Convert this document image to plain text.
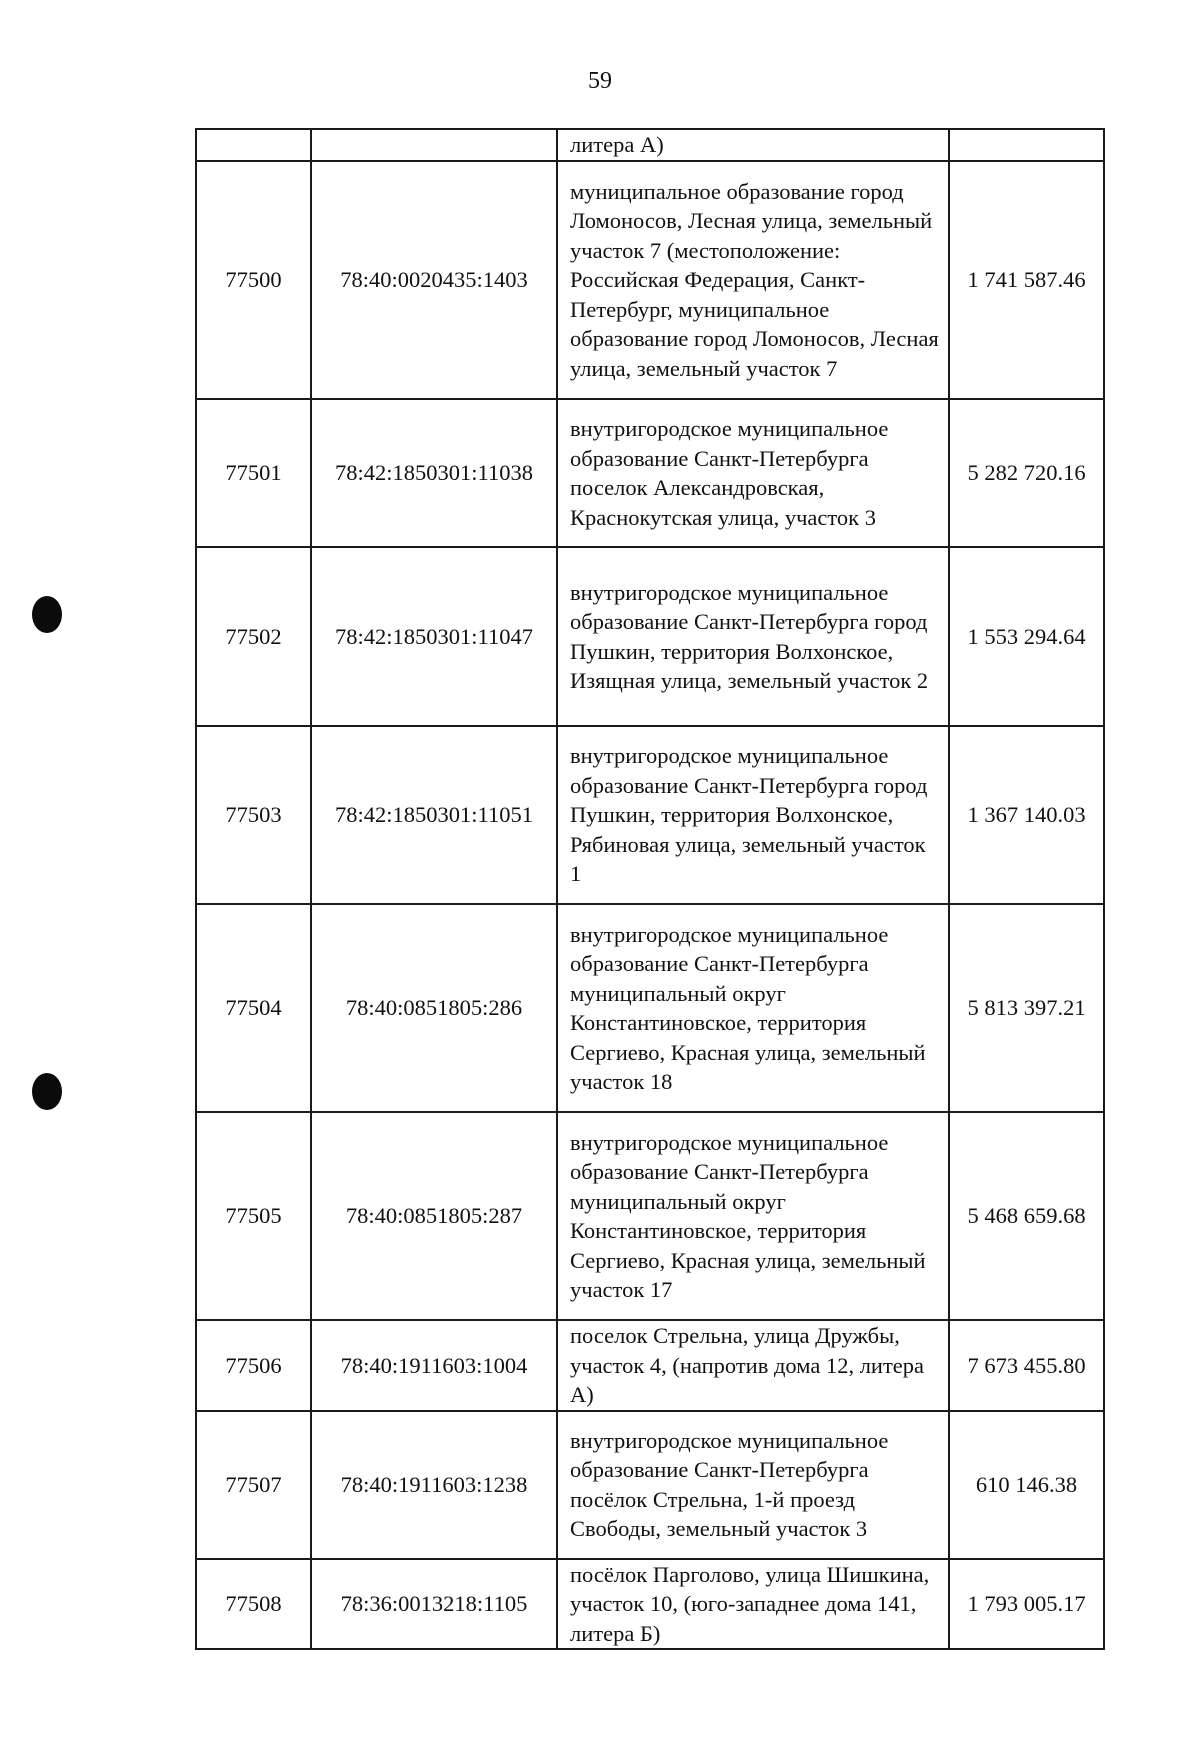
59
		литера А)	
77500	78:40:0020435:1403	муниципальное образование город Ломоносов, Лесная улица, земельный участок 7 (местоположение: Российская Федерация, Санкт-Петербург, муниципальное образование город Ломоносов, Лесная улица, земельный участок 7	1 741 587.46
77501	78:42:1850301:11038	внутригородское муниципальное образование Санкт-Петербурга поселок Александровская, Краснокутская улица, участок 3	5 282 720.16
77502	78:42:1850301:11047	внутригородское муниципальное образование Санкт-Петербурга город Пушкин, территория Волхонское, Изящная улица, земельный участок 2	1 553 294.64
77503	78:42:1850301:11051	внутригородское муниципальное образование Санкт-Петербурга город Пушкин, территория Волхонское, Рябиновая улица, земельный участок 1	1 367 140.03
77504	78:40:0851805:286	внутригородское муниципальное образование Санкт-Петербурга муниципальный округ Константиновское, территория Сергиево, Красная улица, земельный участок 18	5 813 397.21
77505	78:40:0851805:287	внутригородское муниципальное образование Санкт-Петербурга муниципальный округ Константиновское, территория Сергиево, Красная улица, земельный участок 17	5 468 659.68
77506	78:40:1911603:1004	поселок Стрельна, улица Дружбы, участок 4, (напротив дома 12, литера А)	7 673 455.80
77507	78:40:1911603:1238	внутригородское муниципальное образование Санкт-Петербурга посёлок Стрельна, 1-й проезд Свободы, земельный участок 3	610 146.38
77508	78:36:0013218:1105	посёлок Парголово, улица Шишкина, участок 10, (юго-западнее дома 141, литера Б)	1 793 005.17
